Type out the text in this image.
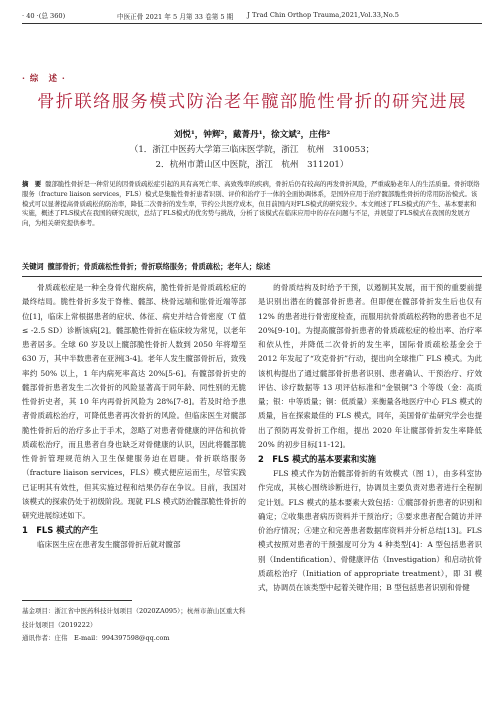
· 40 ·(总 360)	中医正骨 2021 年 5 月第 33 卷第 5 期 J Trad Chin Orthop Trauma,2021,Vol.33,No.5
· 综　述 ·
骨折联络服务模式防治老年髋部脆性骨折的研究进展
刘悦¹，钟辉²，戴菁丹¹，徐文斌²，庄伟²
（1．浙江中医药大学第三临床医学院，浙江　杭州　310053；
2．杭州市萧山区中医院，浙江　杭州　311201）
摘　要 髋部脆性骨折是一种常见的因骨质疏松症引起的具有高死亡率、高致残率的疾病，骨折后仍有较高的再发骨折风险，严重威胁老年人的生活质量。骨折联络服务（fracture liaison services，FLS）模式是集脆性骨折患者识别、评价和治疗于一体的全面协调体系，是国外应用于治疗髋部脆性骨折的常用防治模式。该模式可以显著提高骨质疏松的防治率，降低二次骨折的发生率，节约公共医疗成本，但目前国内对FLS模式的研究较少。本文阐述了FLS模式的产生、基本要素和实施，概述了FLS模式在我国的研究现状，总结了FLS模式的优劣势与挑战，分析了该模式在临床应用中的存在问题与不足，并展望了FLS模式在我国的发展方向，为相关研究提供参考。
关键词 髋部骨折；骨质疏松性骨折；骨折联络服务；骨质疏松；老年人；综述

骨质疏松症是一种全身骨代谢疾病，脆性骨折是骨质疏松症的最终结局。脆性骨折多发于脊椎、髋部、桡骨远端和肱骨近端等部位[1]，临床上常根据患者的症状、体征、病史并结合骨密度（T 值≤ -2.5 SD）诊断该病[2]。髋部脆性骨折在临床较为常见，以老年患者居多。全球 60 岁及以上髋部脆性骨折人数到 2050 年将增至 630 万，其中半数患者在亚洲[3-4]。老年人发生髋部骨折后，致残率约 50% 以上，1 年内病死率高达 20%[5-6]。有髋部骨折史的髋部骨折患者发生二次骨折的风险显著高于同年龄、同性别的无脆性骨折史者，其 10 年内再骨折风险为 28%[7-8]。若及时给予患者骨质疏松治疗，可降低患者再次骨折的风险。但临床医生对髋部脆性骨折后的治疗多止于手术，忽略了对患者骨健康的评估和抗骨质疏松治疗，而且患者自身也缺乏对骨健康的认识，因此将髋部脆性骨折管理规范纳入卫生保健服务迫在眉睫。骨折联络服务（fracture liaison services，FLS）模式便应运而生，尽管实践已证明其有效性，但其实施过程和结果仍存在争议。目前，我国对该模式的探索仍处于初级阶段。现就 FLS 模式防治髋部脆性骨折的研究进展综述如下。

1　FLS 模式的产生

临床医生应在患者发生髋部骨折后就对髋部

的骨质结构及时给予干预，以遏制其发展，而干预的重要前提是识别出潜在的髋部骨折患者。但即便在髋部骨折发生后也仅有 12% 的患者进行骨密度检查，而服用抗骨质疏松药物的患者也不足 20%[9-10]。为提高髋部骨折患者的骨质疏松症的检出率、治疗率和依从性，并降低二次骨折的发生率，国际骨质疏松基金会于 2012 年发起了“攻克骨折”行动，提出向全球推广 FLS 模式。为此该机构提出了通过髋部骨折患者识别、患者确认、干预治疗、疗效评估、诊疗数据等 13 项评估标准和“金银铜”3 个等级（金：高质量；银：中等质量；铜：低质量）来衡量各地医疗中心 FLS 模式的质量，旨在探索最佳的 FLS 模式，同年，美国骨矿盐研究学会也提出了预防再发骨折工作组，提出 2020 年让髋部骨折发生率降低 20% 的初步目标[11-12]。

2　FLS 模式的基本要素和实施

FLS 模式作为防治髋部骨折的有效模式（图 1），由多科室协作完成，其核心围绕诊断进行，协调员主要负责对患者进行全程制定计划。FLS 模式的基本要素大致包括：①髋部骨折患者的识别和确定；②收集患者病历资料并干预治疗；③要求患者配合随访并评价治疗情况；④建立和完善患者数据库资料并分析总结[13]。FLS 模式按照对患者的干预强度可分为 4 种类型[4]：A 型包括患者识别（Indentification）、骨健康评估（Investigation）和启动抗骨质疏松治疗（Initiation of appropriate treatment），即 3I 模式，协调员在该类型中起着关键作用；B 型包括患者识别和骨健

基金项目：浙江省中医药科技计划项目（2020ZA095）；杭州市萧山区重大科技计划项目（2019222）
通讯作者：庄伟　E-mail：994397598@qq.com
